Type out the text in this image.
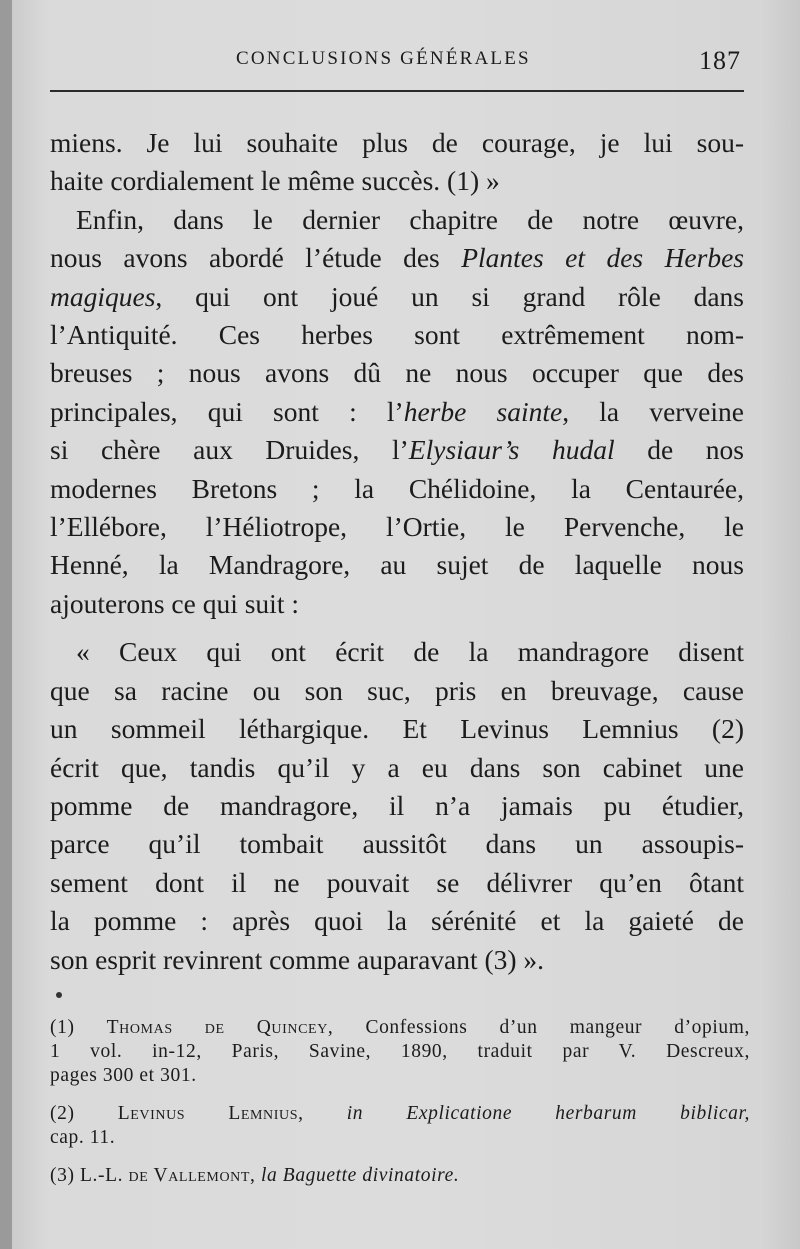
CONCLUSIONS GÉNÉRALES	187
miens. Je lui souhaite plus de courage, je lui sou-
haite cordialement le même succès. (1) »
Enfin, dans le dernier chapitre de notre œuvre,
nous avons abordé l’étude des Plantes et des Herbes
magiques, qui ont joué un si grand rôle dans
l’Antiquité. Ces herbes sont extrêmement nom-
breuses ; nous avons dû ne nous occuper que des
principales, qui sont : l’herbe sainte, la verveine
si chère aux Druides, l’Elysiaur’s hudal de nos
modernes Bretons ; la Chélidoine, la Centaurée,
l’Ellébore, l’Héliotrope, l’Ortie, le Pervenche, le
Henné, la Mandragore, au sujet de laquelle nous
ajouterons ce qui suit :
« Ceux qui ont écrit de la mandragore disent
que sa racine ou son suc, pris en breuvage, cause
un sommeil léthargique. Et Levinus Lemnius (2)
écrit que, tandis qu’il y a eu dans son cabinet une
pomme de mandragore, il n’a jamais pu étudier,
parce qu’il tombait aussitôt dans un assoupis-
sement dont il ne pouvait se délivrer qu’en ôtant
la pomme : après quoi la sérénité et la gaieté de
son esprit revinrent comme auparavant (3) ».
(1) Thomas de Quincey, Confessions d’un mangeur d’opium,
1 vol. in-12, Paris, Savine, 1890, traduit par V. Descreux,
pages 300 et 301.
(2) Levinus Lemnius, in Explicatione herbarum biblicar,
cap. 11.
(3) L.-L. de Vallemont, la Baguette divinatoire.
